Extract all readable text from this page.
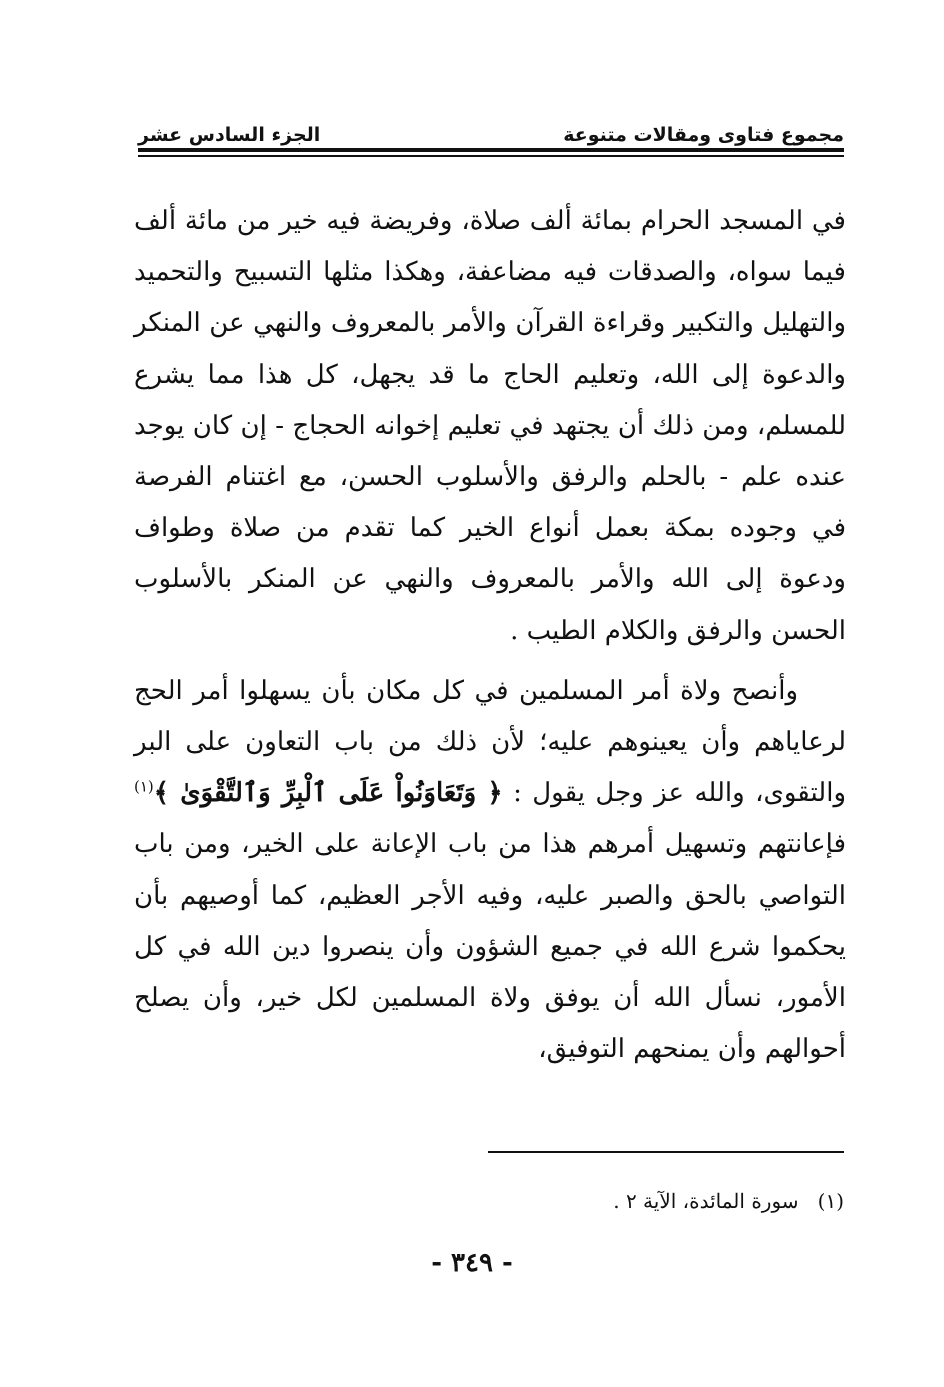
مجموع فتاوى ومقالات متنوعة
الجزء السادس عشر

في المسجد الحرام بمائة ألف صلاة، وفريضة فيه خير من مائة ألف فيما سواه، والصدقات فيه مضاعفة، وهكذا مثلها التسبيح والتحميد والتهليل والتكبير وقراءة القرآن والأمر بالمعروف والنهي عن المنكر والدعوة إلى الله، وتعليم الحاج ما قد يجهل، كل هذا مما يشرع للمسلم، ومن ذلك أن يجتهد في تعليم إخوانه الحجاج - إن كان يوجد عنده علم - بالحلم والرفق والأسلوب الحسن، مع اغتنام الفرصة في وجوده بمكة بعمل أنواع الخير كما تقدم من صلاة وطواف ودعوة إلى الله والأمر بالمعروف والنهي عن المنكر بالأسلوب الحسن والرفق والكلام الطيب .

وأنصح ولاة أمر المسلمين في كل مكان بأن يسهلوا أمر الحج لرعاياهم وأن يعينوهم عليه؛ لأن ذلك من باب التعاون على البر والتقوى، والله عز وجل يقول : ﴿ وَتَعَاوَنُواْ عَلَى ٱلْبِرِّ وَٱلتَّقْوَىٰ ﴾$^{(١)}$ فإعانتهم وتسهيل أمرهم هذا من باب الإعانة على الخير، ومن باب التواصي بالحق والصبر عليه، وفيه الأجر العظيم، كما أوصيهم بأن يحكموا شرع الله في جميع الشؤون وأن ينصروا دين الله في كل الأمور، نسأل الله أن يوفق ولاة المسلمين لكل خير، وأن يصلح أحوالهم وأن يمنحهم التوفيق،

(١)   سورة المائدة، الآية ٢ .
- ٣٤٩ -
